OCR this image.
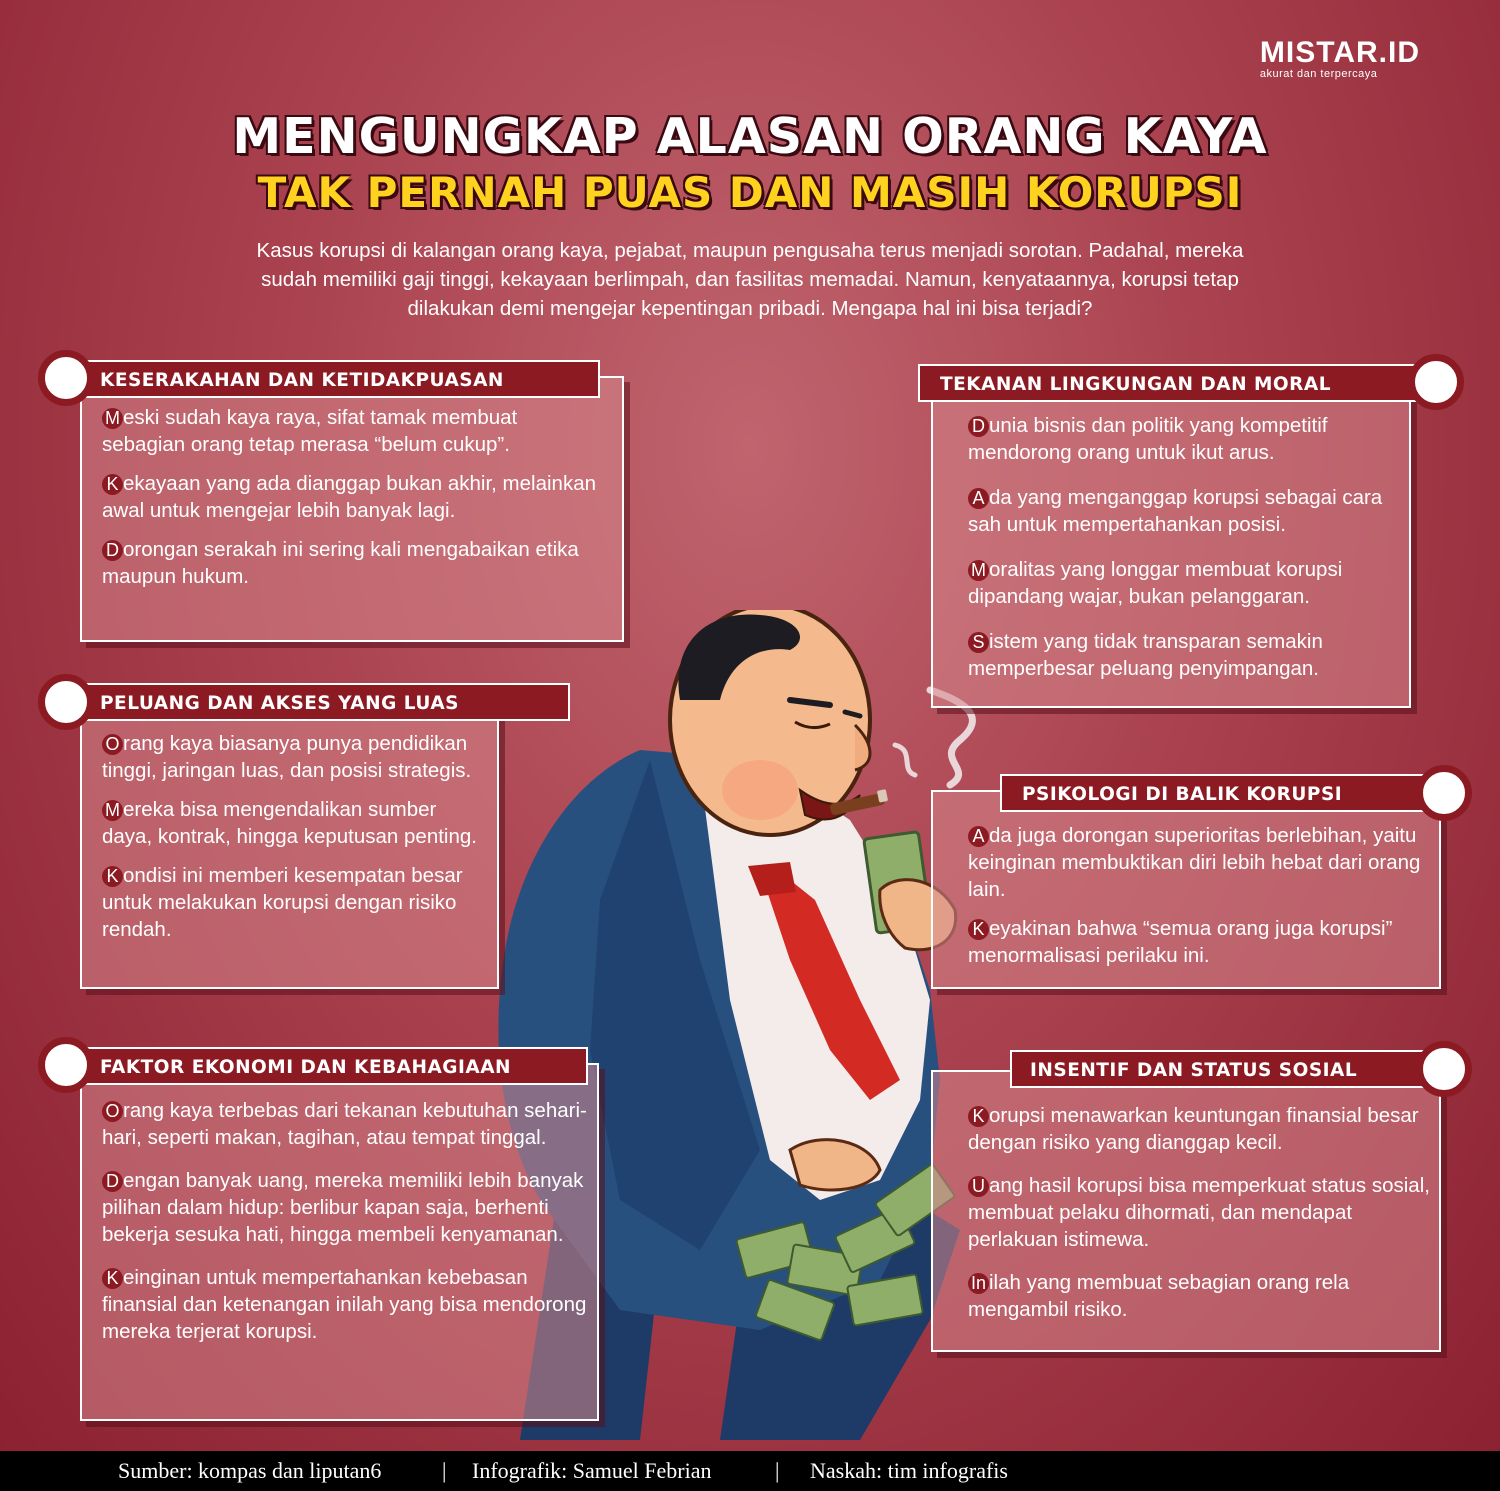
MISTAR.ID
akurat dan terpercaya
MENGUNGKAP ALASAN ORANG KAYA
TAK PERNAH PUAS DAN MASIH KORUPSI
Kasus korupsi di kalangan orang kaya, pejabat, maupun pengusaha terus menjadi sorotan. Padahal, mereka
sudah memiliki gaji tinggi, kekayaan berlimpah, dan fasilitas memadai. Namun, kenyataannya, korupsi tetap
dilakukan demi mengejar kepentingan pribadi. Mengapa hal ini bisa terjadi?

M eski sudah kaya raya, sifat tamak membuat sebagian orang tetap merasa “belum cukup”.

K ekayaan yang ada dianggap bukan akhir, melainkan awal untuk mengejar lebih banyak lagi.

D orongan serakah ini sering kali mengabaikan etika maupun hukum.

KESERAKAHAN DAN KETIDAKPUASAN

O rang kaya biasanya punya pendidikan tinggi, jaringan luas, dan posisi strategis.

M ereka bisa mengendalikan sumber daya, kontrak, hingga keputusan penting.

K ondisi ini memberi kesempatan besar untuk melakukan korupsi dengan risiko rendah.

PELUANG DAN AKSES YANG LUAS

O rang kaya terbebas dari tekanan kebutuhan sehari-hari, seperti makan, tagihan, atau tempat tinggal.

D engan banyak uang, mereka memiliki lebih banyak pilihan dalam hidup: berlibur kapan saja, berhenti bekerja sesuka hati, hingga membeli kenyamanan.

K einginan untuk mempertahankan kebebasan finansial dan ketenangan inilah yang bisa mendorong mereka terjerat korupsi.

FAKTOR EKONOMI DAN KEBAHAGIAAN

D unia bisnis dan politik yang kompetitif mendorong orang untuk ikut arus.

A da yang menganggap korupsi sebagai cara sah untuk mempertahankan posisi.

M oralitas yang longgar membuat korupsi dipandang wajar, bukan pelanggaran.

S istem yang tidak transparan semakin memperbesar peluang penyimpangan.

TEKANAN LINGKUNGAN DAN MORAL

A da juga dorongan superioritas berlebihan, yaitu keinginan membuktikan diri lebih hebat dari orang lain.

K eyakinan bahwa “semua orang juga korupsi” menormalisasi perilaku ini.

PSIKOLOGI DI BALIK KORUPSI

K orupsi menawarkan keuntungan finansial besar dengan risiko yang dianggap kecil.

U ang hasil korupsi bisa memperkuat status sosial, membuat pelaku dihormati, dan mendapat perlakuan istimewa.

In ilah yang membuat sebagian orang rela mengambil risiko.

INSENTIF DAN STATUS SOSIAL
Sumber: kompas dan liputan6	| Infografik: Samuel Febrian	| Naskah: tim infografis
